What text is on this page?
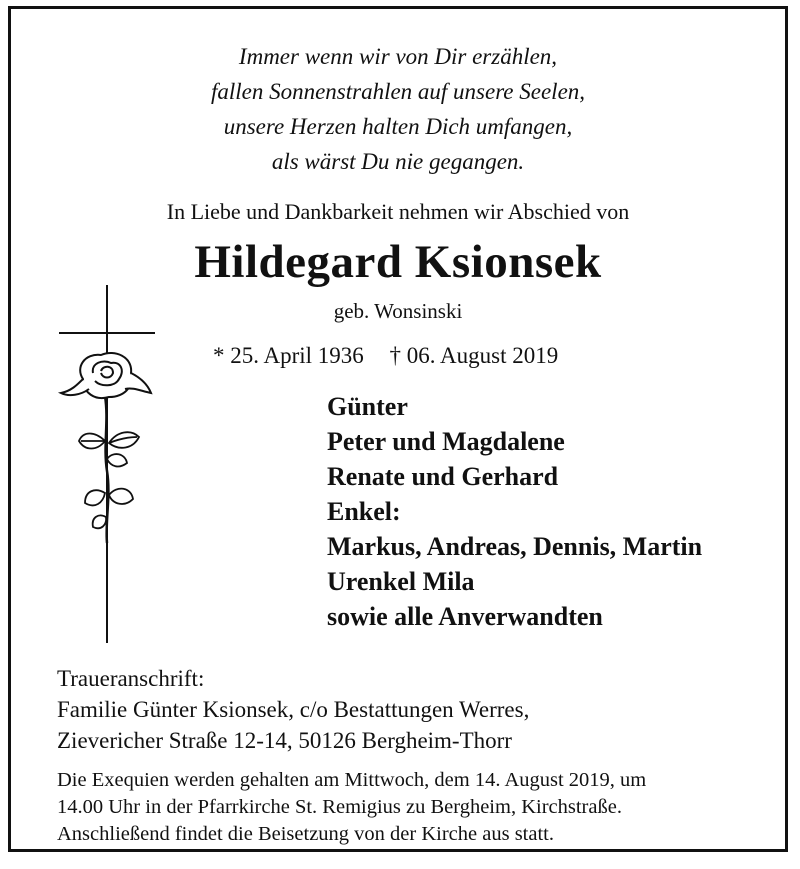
Immer wenn wir von Dir erzählen,
fallen Sonnenstrahlen auf unsere Seelen,
unsere Herzen halten Dich umfangen,
als wärst Du nie gegangen.
In Liebe und Dankbarkeit nehmen wir Abschied von
Hildegard Ksionsek
geb. Wonsinski
* 25. April 1936 † 06. August 2019
Günter
Peter und Magdalene
Renate und Gerhard
Enkel:
Markus, Andreas, Dennis, Martin
Urenkel Mila
sowie alle Anverwandten
Traueranschrift:
Familie Günter Ksionsek, c/o Bestattungen Werres,
Zievericher Straße 12-14, 50126 Bergheim-Thorr
Die Exequien werden gehalten am Mittwoch, dem 14. August 2019, um
14.00 Uhr in der Pfarrkirche St. Remigius zu Bergheim, Kirchstraße.
Anschließend findet die Beisetzung von der Kirche aus statt.
